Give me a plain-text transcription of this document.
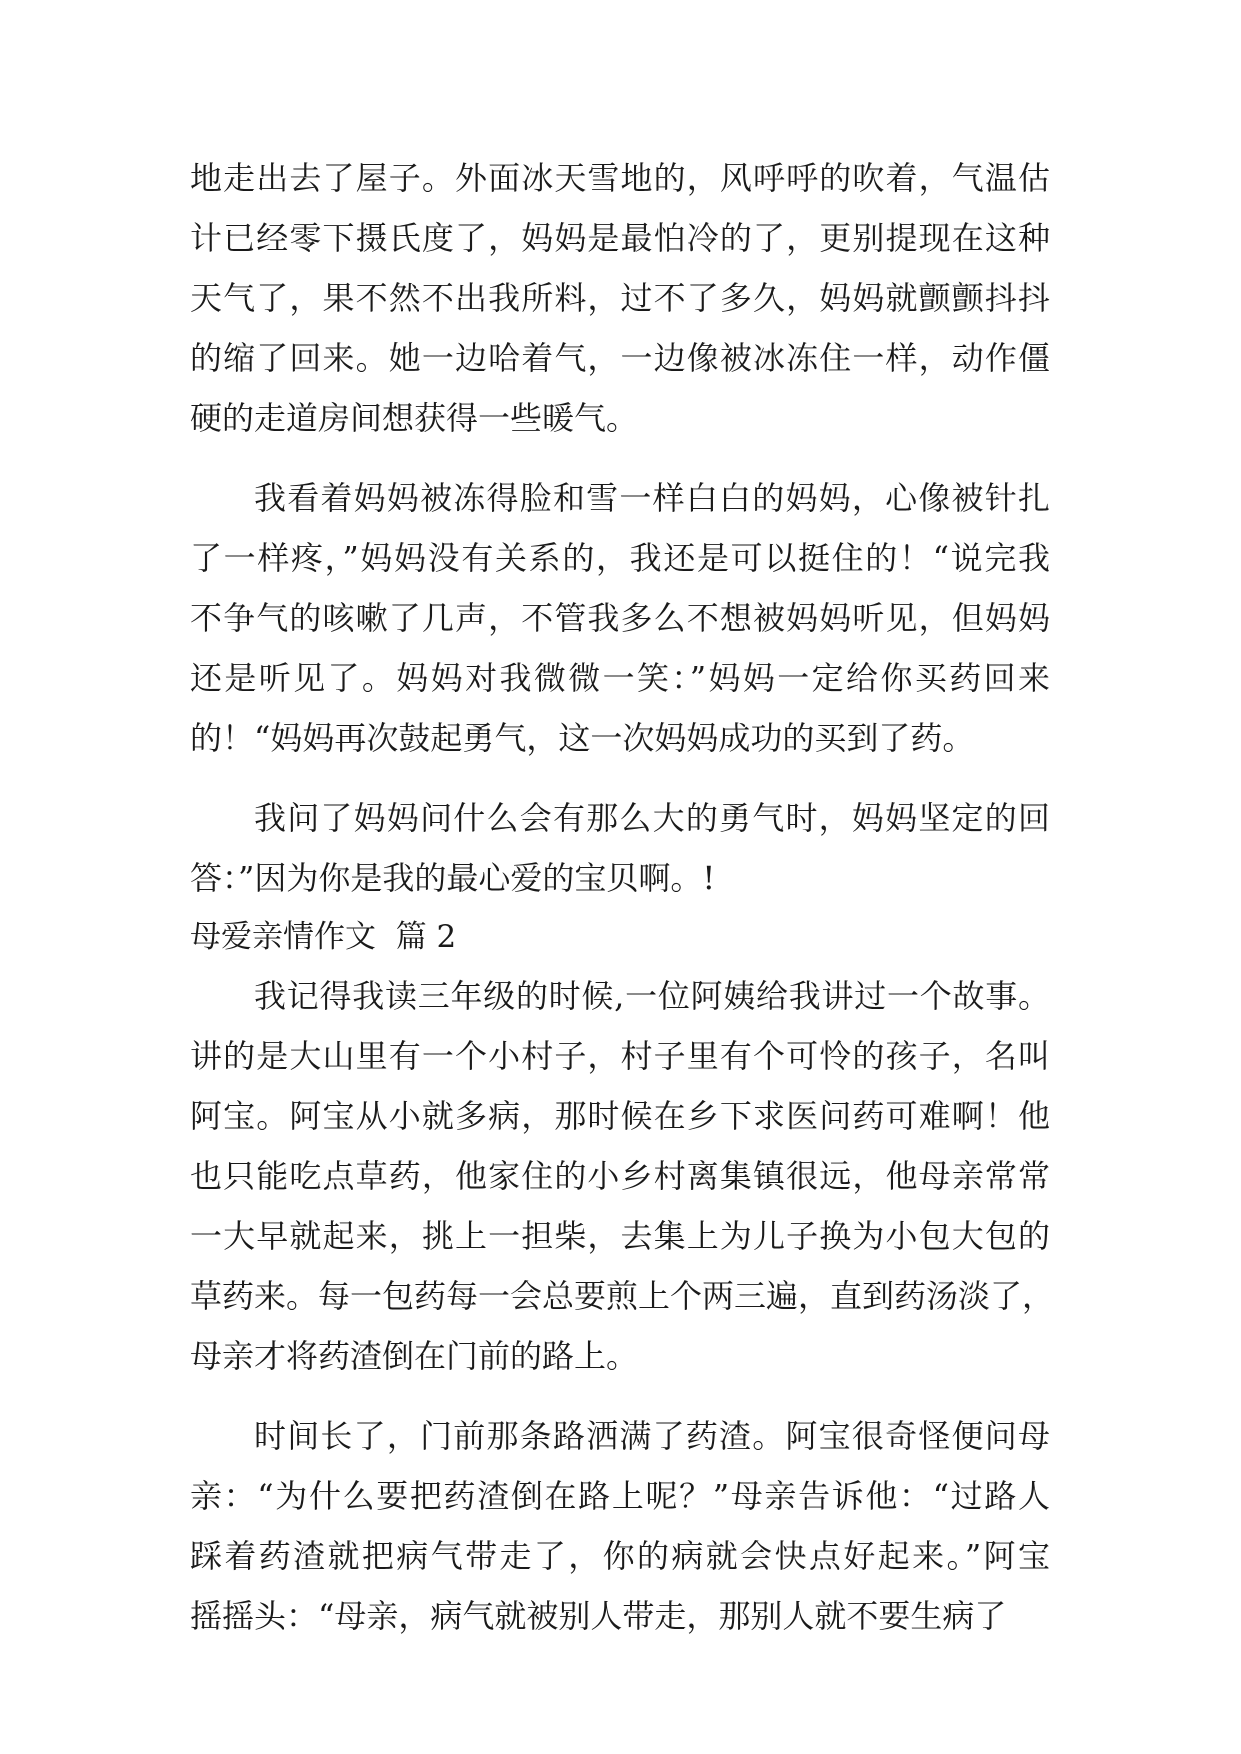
地走出去了屋子。外面冰天雪地的，风呼呼的吹着，气温估
计已经零下摄氏度了，妈妈是最怕冷的了，更别提现在这种
天气了，果不然不出我所料，过不了多久，妈妈就颤颤抖抖
的缩了回来。她一边哈着气，一边像被冰冻住一样，动作僵
硬的走道房间想获得一些暖气。
我看着妈妈被冻得脸和雪一样白白的妈妈，心像被针扎
了一样疼，”妈妈没有关系的，我还是可以挺住的！“说完我
不争气的咳嗽了几声，不管我多么不想被妈妈听见，但妈妈
还是听见了。妈妈对我微微一笑：”妈妈一定给你买药回来
的！“妈妈再次鼓起勇气，这一次妈妈成功的买到了药。
我问了妈妈问什么会有那么大的勇气时，妈妈坚定的回
答：”因为你是我的最心爱的宝贝啊。!
母爱亲情作文  篇 2
我记得我读三年级的时候,一位阿姨给我讲过一个故事。
讲的是大山里有一个小村子，村子里有个可怜的孩子，名叫
阿宝。阿宝从小就多病，那时候在乡下求医问药可难啊！他
也只能吃点草药，他家住的小乡村离集镇很远，他母亲常常
一大早就起来，挑上一担柴，去集上为儿子换为小包大包的
草药来。每一包药每一会总要煎上个两三遍，直到药汤淡了，
母亲才将药渣倒在门前的路上。
时间长了，门前那条路洒满了药渣。阿宝很奇怪便问母
亲：“为什么要把药渣倒在路上呢？”母亲告诉他：“过路人
踩着药渣就把病气带走了，你的病就会快点好起来。”阿宝
摇摇头：“母亲，病气就被别人带走，那别人就不要生病了
